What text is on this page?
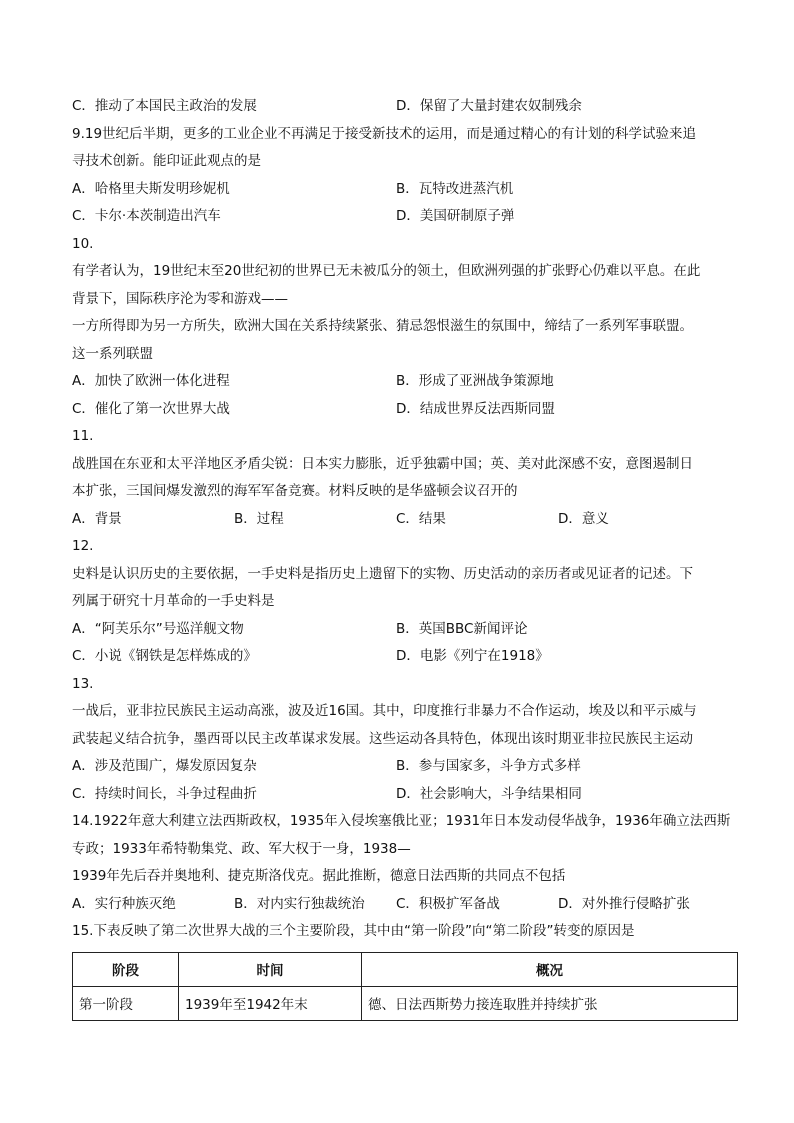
C．推动了本国民主政治的发展	D．保留了大量封建农奴制残余
9.19世纪后半期，更多的工业企业不再满足于接受新技术的运用，而是通过精心的有计划的科学试验来追
寻技术创新。能印证此观点的是
A．哈格里夫斯发明珍妮机	B．瓦特改进蒸汽机
C．卡尔·本茨制造出汽车	D．美国研制原子弹
10.
有学者认为，19世纪末至20世纪初的世界已无未被瓜分的领土，但欧洲列强的扩张野心仍难以平息。在此
背景下，国际秩序沦为零和游戏——
一方所得即为另一方所失，欧洲大国在关系持续紧张、猜忌怨恨滋生的氛围中，缔结了一系列军事联盟。
这一系列联盟
A．加快了欧洲一体化进程	B．形成了亚洲战争策源地
C．催化了第一次世界大战	D．结成世界反法西斯同盟
11.
战胜国在东亚和太平洋地区矛盾尖锐：日本实力膨胀，近乎独霸中国；英、美对此深感不安，意图遏制日
本扩张，三国间爆发激烈的海军军备竞赛。材料反映的是华盛顿会议召开的
A．背景	B．过程	C．结果	D．意义
12.
史料是认识历史的主要依据，一手史料是指历史上遗留下的实物、历史活动的亲历者或见证者的记述。下
列属于研究十月革命的一手史料是
A．“阿芙乐尔”号巡洋舰文物	B．英国BBC新闻评论
C．小说《钢铁是怎样炼成的》	D．电影《列宁在1918》
13.
一战后，亚非拉民族民主运动高涨，波及近16国。其中，印度推行非暴力不合作运动，埃及以和平示威与
武装起义结合抗争，墨西哥以民主改革谋求发展。这些运动各具特色，体现出该时期亚非拉民族民主运动
A．涉及范围广，爆发原因复杂	B．参与国家多，斗争方式多样
C．持续时间长，斗争过程曲折	D．社会影响大，斗争结果相同
14.1922年意大利建立法西斯政权，1935年入侵埃塞俄比亚；1931年日本发动侵华战争，1936年确立法西斯
专政；1933年希特勒集党、政、军大权于一身，1938—
1939年先后吞并奥地利、捷克斯洛伐克。据此推断，德意日法西斯的共同点不包括
A．实行种族灭绝	B．对内实行独裁统治	C．积极扩军备战	D．对外推行侵略扩张
15.下表反映了第二次世界大战的三个主要阶段，其中由“第一阶段”向“第二阶段”转变的原因是
阶段	时间	概况
第一阶段	1939年至1942年末	德、日法西斯势力接连取胜并持续扩张
